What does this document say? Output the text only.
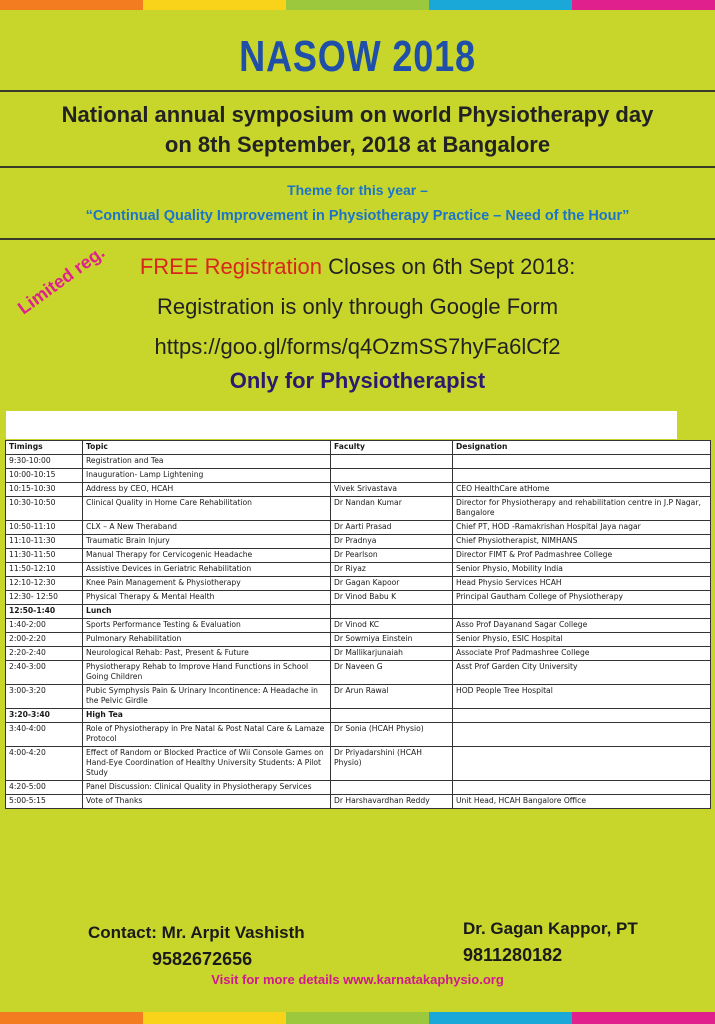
NASOW 2018
National annual symposium on world Physiotherapy day
on 8th September, 2018 at Bangalore
Theme for this year –
“Continual Quality Improvement in Physiotherapy Practice – Need of the Hour”
FREE Registration Closes on 6th Sept 2018:
Registration is only through Google Form
https://goo.gl/forms/q4OzmSS7hyFa6lCf2
Limited reg.
Only for Physiotherapist
Timings	Topic	Faculty	Designation
9:30-10:00	Registration and Tea		
10:00-10:15	Inauguration- Lamp Lightening		
10:15-10:30	Address by CEO, HCAH	Vivek Srivastava	CEO HealthCare atHome
10:30-10:50	Clinical Quality in Home Care Rehabilitation	Dr Nandan Kumar	Director for Physiotherapy and rehabilitation centre in J.P Nagar, Bangalore
10:50-11:10	CLX – A New Theraband	Dr Aarti Prasad	Chief PT, HOD -Ramakrishan Hospital Jaya nagar
11:10-11:30	Traumatic Brain Injury	Dr Pradnya	Chief Physiotherapist, NIMHANS
11:30-11:50	Manual Therapy for Cervicogenic Headache	Dr Pearlson	Director FIMT & Prof Padmashree College
11:50-12:10	Assistive Devices in Geriatric Rehabilitation	Dr Riyaz	Senior Physio, Mobility India
12:10-12:30	Knee Pain Management & Physiotherapy	Dr Gagan Kapoor	Head Physio Services HCAH
12:30- 12:50	Physical Therapy & Mental Health	Dr Vinod Babu K	Principal Gautham College of Physiotherapy
12:50-1:40	Lunch		
1:40-2:00	Sports Performance Testing & Evaluation	Dr Vinod KC	Asso Prof Dayanand Sagar College
2:00-2:20	Pulmonary Rehabilitation	Dr Sowmiya Einstein	Senior Physio, ESIC Hospital
2:20-2:40	Neurological Rehab: Past, Present & Future	Dr Mallikarjunaiah	Associate Prof Padmashree College
2:40-3:00	Physiotherapy Rehab to Improve Hand Functions in School Going Children	Dr Naveen G	Asst Prof Garden City University
3:00-3:20	Pubic Symphysis Pain & Urinary Incontinence: A Headache in the Pelvic Girdle	Dr Arun Rawal	HOD People Tree Hospital
3:20-3:40	High Tea		
3:40-4:00	Role of Physiotherapy in Pre Natal & Post Natal Care & Lamaze Protocol	Dr Sonia (HCAH Physio)	
4:00-4:20	Effect of Random or Blocked Practice of Wii Console Games on Hand-Eye Coordination of Healthy University Students: A Pilot Study	Dr Priyadarshini (HCAH Physio)	
4:20-5:00	Panel Discussion: Clinical Quality in Physiotherapy Services		
5:00-5:15	Vote of Thanks	Dr Harshavardhan Reddy	Unit Head, HCAH Bangalore Office
Contact: Mr. Arpit Vashisth
9582672656
Dr. Gagan Kappor, PT
9811280182
Visit for more details www.karnatakaphysio.org
